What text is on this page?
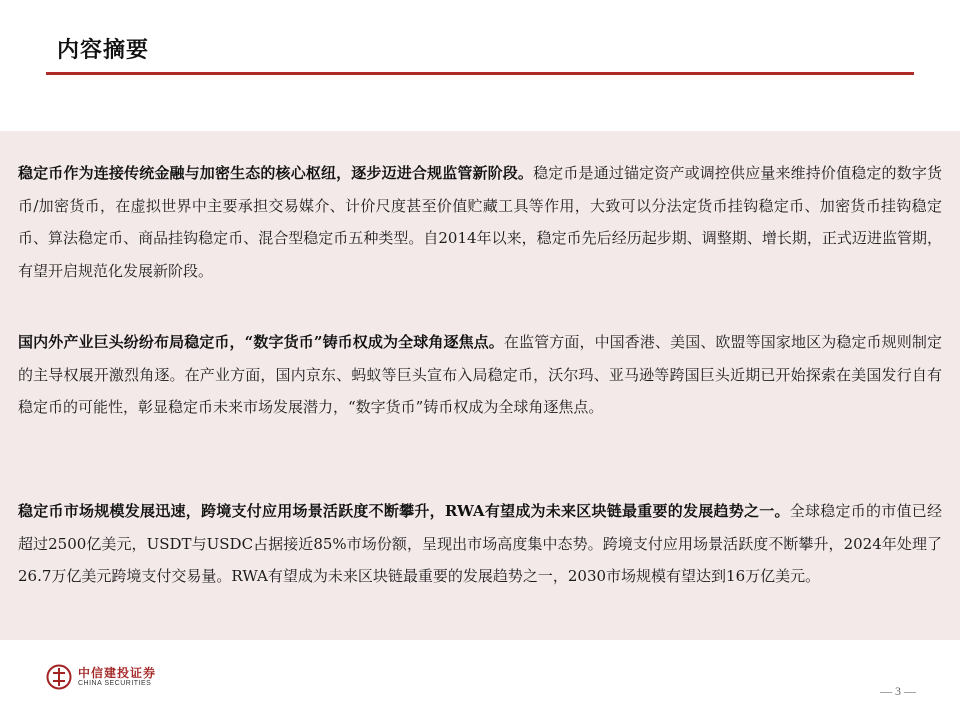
内容摘要
稳定币作为连接传统金融与加密生态的核心枢纽，逐步迈进合规监管新阶段。稳定币是通过锚定资产或调控供应量来维持价值稳定的数字货币/加密货币，在虚拟世界中主要承担交易媒介、计价尺度甚至价值贮藏工具等作用，大致可以分法定货币挂钩稳定币、加密货币挂钩稳定币、算法稳定币、商品挂钩稳定币、混合型稳定币五种类型。自2014年以来，稳定币先后经历起步期、调整期、增长期，正式迈进监管期，有望开启规范化发展新阶段。
国内外产业巨头纷纷布局稳定币，“数字货币”铸币权成为全球角逐焦点。在监管方面，中国香港、美国、欧盟等国家地区为稳定币规则制定的主导权展开激烈角逐。在产业方面，国内京东、蚂蚁等巨头宣布入局稳定币，沃尔玛、亚马逊等跨国巨头近期已开始探索在美国发行自有稳定币的可能性，彰显稳定币未来市场发展潜力，“数字货币”铸币权成为全球角逐焦点。
稳定币市场规模发展迅速，跨境支付应用场景活跃度不断攀升，RWA有望成为未来区块链最重要的发展趋势之一。全球稳定币的市值已经超过2500亿美元，USDT与USDC占据接近85%市场份额，呈现出市场高度集中态势。跨境支付应用场景活跃度不断攀升，2024年处理了26.7万亿美元跨境支付交易量。RWA有望成为未来区块链最重要的发展趋势之一，2030市场规模有望达到16万亿美元。
中信建投证券
CHINA SECURITIES
— 3 —
